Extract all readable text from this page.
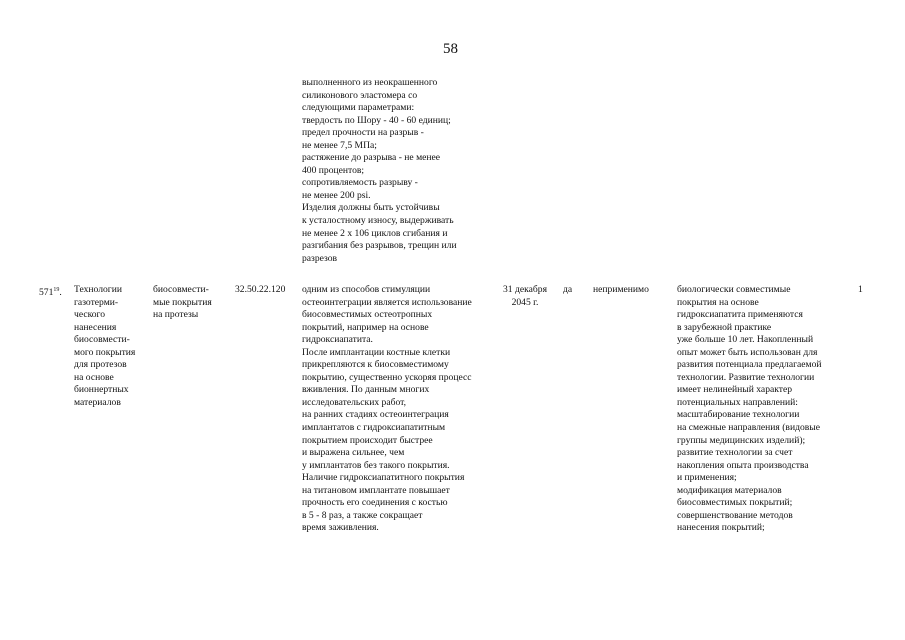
58
выполненного из неокрашенного
силиконового эластомера со
следующими параметрами:
твердость по Шору - 40 - 60 единиц;
предел прочности на разрыв -
не менее 7,5 МПа;
растяжение до разрыва - не менее
400 процентов;
сопротивляемость разрыву -
не менее 200 psi.
Изделия должны быть устойчивы
к усталостному износу, выдерживать
не менее 2 x 106 циклов сгибания и
разгибания без разрывов, трещин или
разрезов
$571^{19}$. Технологии
газотерми-
ческого
нанесения
биосовмести-
мого покрытия
для протезов
на основе
бионнертных
материалов
биосовмести-
мые покрытия
на протезы
32.50.22.120 одним из способов стимуляции
остеоинтеграции является использование
биосовместимых остеотропных
покрытий, например на основе
гидроксиапатита.
После имплантации костные клетки
прикрепляются к биосовместимому
покрытию, существенно ускоряя процесс
вживления. По данным многих
исследовательских работ,
на ранних стадиях остеоинтеграция
имплантатов с гидроксиапатитным
покрытием происходит быстрее
и выражена сильнее, чем
у имплантатов без такого покрытия.
Наличие гидроксиапатитного покрытия
на титановом имплантате повышает
прочность его соединения с костью
в 5 - 8 раз, а также сокращает
время заживления.
31 декабря
2045 г.
да неприменимо	биологически совместимые
покрытия на основе
гидроксиапатита применяются
в зарубежной практике
уже больше 10 лет. Накопленный
опыт может быть использован для
развития потенциала предлагаемой
технологии. Развитие технологии
имеет нелинейный характер
потенциальных направлений:
масштабирование технологии
на смежные направления (видовые
группы медицинских изделий);
развитие технологии за счет
накопления опыта производства
и применения;
модификация материалов
биосовместимых покрытий;
совершенствование методов
нанесения покрытий;
1
